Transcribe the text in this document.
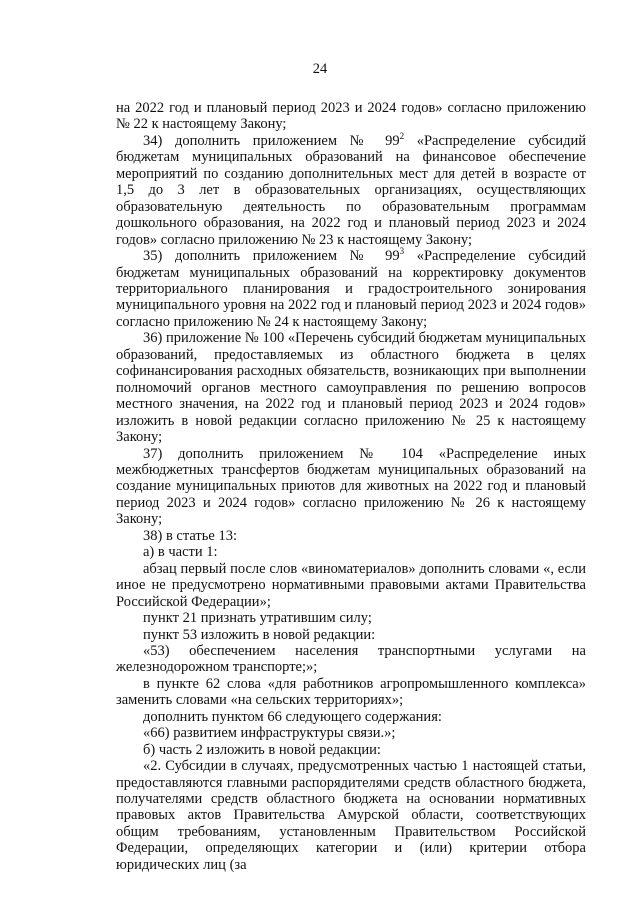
24

на 2022 год и плановый период 2023 и 2024 годов» согласно приложению № 22 к настоящему Закону;

34) дополнить приложением № $99^2$ «Распределение субсидий бюджетам муниципальных образований на финансовое обеспечение мероприятий по созданию дополнительных мест для детей в возрасте от 1,5 до 3 лет в образовательных организациях, осуществляющих образовательную деятельность по образовательным программам дошкольного образования, на 2022 год и плановый период 2023 и 2024 годов» согласно приложению № 23 к настоящему Закону;

35) дополнить приложением № $99^3$ «Распределение субсидий бюджетам муниципальных образований на корректировку документов территориального планирования и градостроительного зонирования муниципального уровня на 2022 год и плановый период 2023 и 2024 годов» согласно приложению № 24 к настоящему Закону;

36) приложение № 100 «Перечень субсидий бюджетам муниципальных образований, предоставляемых из областного бюджета в целях софинансирования расходных обязательств, возникающих при выполнении полномочий органов местного самоуправления по решению вопросов местного значения, на 2022 год и плановый период 2023 и 2024 годов» изложить в новой редакции согласно приложению № 25 к настоящему Закону;

37) дополнить приложением № 104 «Распределение иных межбюджетных трансфертов бюджетам муниципальных образований на создание муниципальных приютов для животных на 2022 год и плановый период 2023 и 2024 годов» согласно приложению № 26 к настоящему Закону;

38) в статье 13:

а) в части 1:

абзац первый после слов «виноматериалов» дополнить словами «, если иное не предусмотрено нормативными правовыми актами Правительства Российской Федерации»;

пункт 21 признать утратившим силу;

пункт 53 изложить в новой редакции:

«53) обеспечением населения транспортными услугами на железнодорожном транспорте;»;

в пункте 62 слова «для работников агропромышленного комплекса» заменить словами «на сельских территориях»;

дополнить пунктом 66 следующего содержания:

«66) развитием инфраструктуры связи.»;

б) часть 2 изложить в новой редакции:

«2. Субсидии в случаях, предусмотренных частью 1 настоящей статьи, предоставляются главными распорядителями средств областного бюджета, получателями средств областного бюджета на основании нормативных правовых актов Правительства Амурской области, соответствующих общим требованиям, установленным Правительством Российской Федерации, определяющих категории и (или) критерии отбора юридических лиц (за
